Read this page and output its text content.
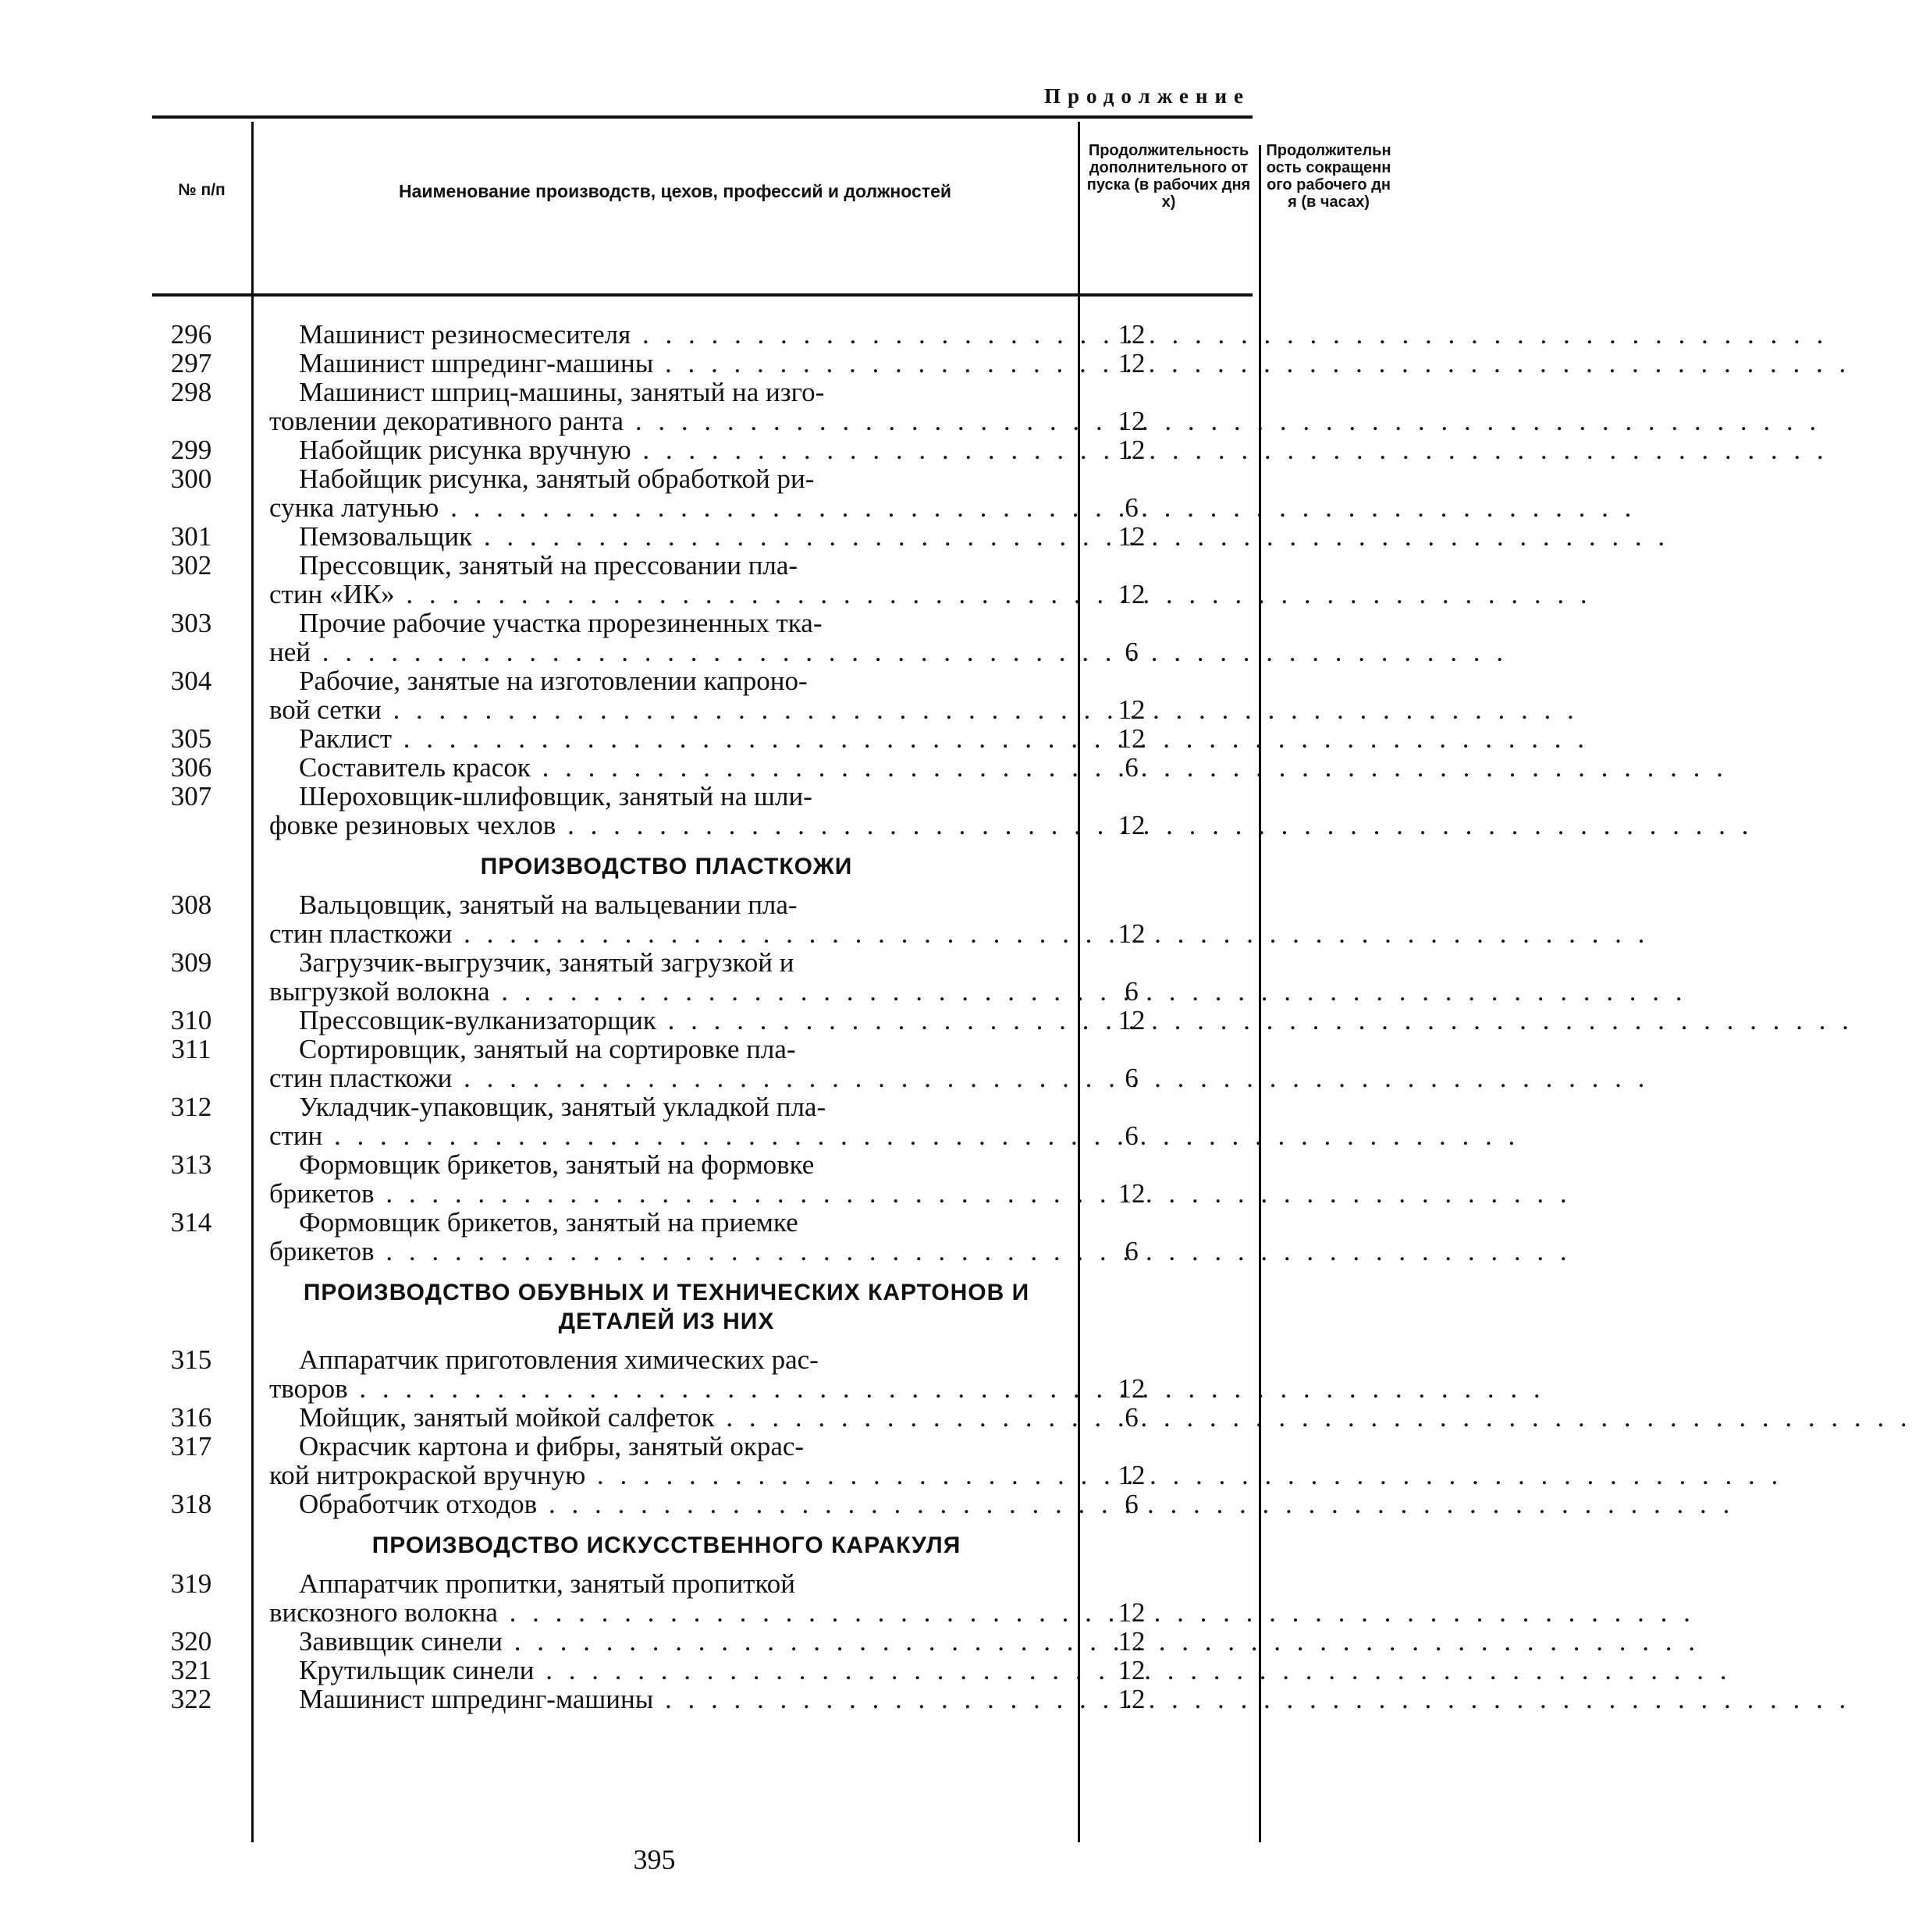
Продолжение
№ п/п	Наименование производств, цехов, профессий и должностей
Продолжительность дополнительного отпуска (в рабочих днях)
Продолжительность сокращенного рабочего дня (в часах)
296	Машинист резиносмесителя . . .	12
297	Машинист шпрединг-машины . . .	12
298	Машинист шприц-машины, занятый на изго-
товлении декоративного ранта . . .	12
299	Набойщик рисунка вручную . . .	12
300	Набойщик рисунка, занятый обработкой ри-
сунка латунью . . .	6
301	Пемзовальщик . . .	12
302	Прессовщик, занятый на прессовании пла-
стин «ИК» . . .	12
303	Прочие рабочие участка прорезиненных тка-
ней . . .	6
304	Рабочие, занятые на изготовлении капроно-
вой сетки . . .	12
305	Раклист . . .	12
306	Составитель красок . . .	6
307	Шероховщик-шлифовщик, занятый на шли-
фовке резиновых чехлов . . .	12
ПРОИЗВОДСТВО ПЛАСТКОЖИ
308	Вальцовщик, занятый на вальцевании пла-
стин пласткожи . . .	12
309	Загрузчик-выгрузчик, занятый загрузкой и
выгрузкой волокна . . .	6
310	Прессовщик-вулканизаторщик . . .	12
311	Сортировщик, занятый на сортировке пла-
стин пласткожи . . .	6
312	Укладчик-упаковщик, занятый укладкой пла-
стин . . .	6
313	Формовщик брикетов, занятый на формовке
брикетов . . .	12
314	Формовщик брикетов, занятый на приемке
брикетов . . .	6
ПРОИЗВОДСТВО ОБУВНЫХ И ТЕХНИЧЕСКИХ КАРТОНОВ И ДЕТАЛЕЙ ИЗ НИХ
315	Аппаратчик приготовления химических рас-
творов . . .	12
316	Мойщик, занятый мойкой салфеток . . .	6
317	Окрасчик картона и фибры, занятый окрас-
кой нитрокраской вручную . . .	12
318	Обработчик отходов . . .	6
ПРОИЗВОДСТВО ИСКУССТВЕННОГО КАРАКУЛЯ
319	Аппаратчик пропитки, занятый пропиткой
вискозного волокна . . .	12
320	Завивщик синели . . .	12
321	Крутильщик синели . . .	12
322	Машинист шпрединг-машины . . .	12
395
